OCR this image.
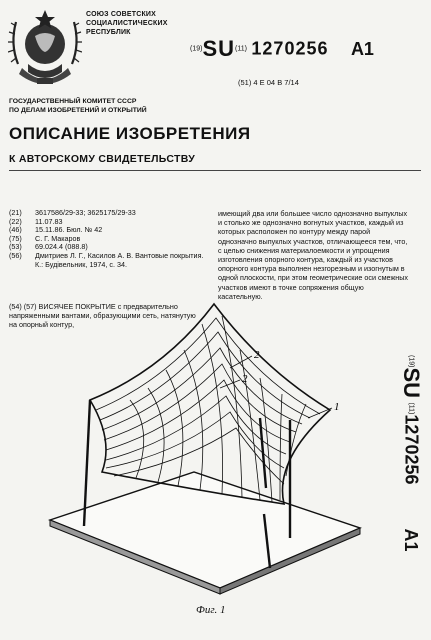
СОЮЗ СОВЕТСКИХ
СОЦИАЛИСТИЧЕСКИХ
РЕСПУБЛИК
(19)SU(11) 1270256 A1
(51) 4 E 04 B 7/14
ГОСУДАРСТВЕННЫЙ КОМИТЕТ СССР
ПО ДЕЛАМ ИЗОБРЕТЕНИЙ И ОТКРЫТИЙ
ОПИСАНИЕ ИЗОБРЕТЕНИЯ
К АВТОРСКОМУ СВИДЕТЕЛЬСТВУ
(21)	3617586/29-33; 3625175/29-33
(22)	11.07.83
(46)	15.11.86. Бюл. № 42
(75)	С. Г. Макаров
(53)	69.024.4 (088.8)
(56)	Дмитриев Л. Г., Касилов А. В. Вантовые покрытия. К.: Будівельник, 1974, с. 34.
(54) (57) ВИСЯЧЕЕ ПОКРЫТИЕ с предварительно напряженными вантами, образующими сеть, натянутую на опорный контур,
имеющий два или большее число однозначно выпуклых и столько же однозначно вогнутых участков, каждый из которых расположен по контуру между парой однозначно выпуклых участков, отличающееся тем, что, с целью снижения материалоемкости и упрощения изготовления опорного контура, каждый из участков опорного контура выполнен незгорезным и изогнутым в одной плоскости, при этом геометрические оси смежных участков имеют в точке сопряжения общую касательную.
2
2
1
Фиг. 1
(19)SU (11)1270256A1
